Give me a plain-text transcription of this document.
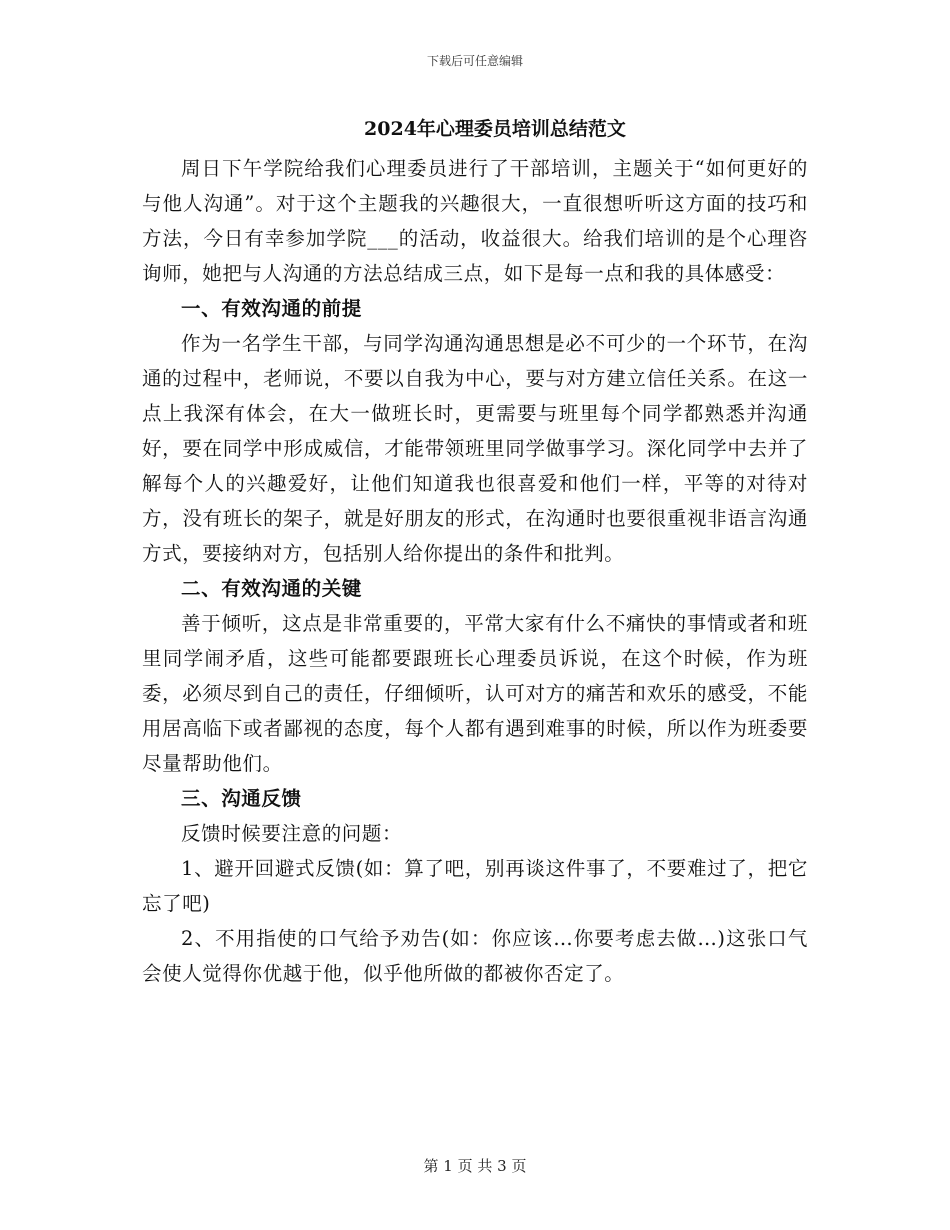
下载后可任意编辑
2024年心理委员培训总结范文

周日下午学院给我们心理委员进行了干部培训，主题关于“如何更好的与他人沟通”。对于这个主题我的兴趣很大，一直很想听听这方面的技巧和方法，今日有幸参加学院___的活动，收益很大。给我们培训的是个心理咨询师，她把与人沟通的方法总结成三点，如下是每一点和我的具体感受：

一、有效沟通的前提

作为一名学生干部，与同学沟通沟通思想是必不可少的一个环节，在沟通的过程中，老师说，不要以自我为中心，要与对方建立信任关系。在这一点上我深有体会，在大一做班长时，更需要与班里每个同学都熟悉并沟通好，要在同学中形成威信，才能带领班里同学做事学习。深化同学中去并了解每个人的兴趣爱好，让他们知道我也很喜爱和他们一样，平等的对待对方，没有班长的架子，就是好朋友的形式，在沟通时也要很重视非语言沟通方式，要接纳对方，包括别人给你提出的条件和批判。

二、有效沟通的关键

善于倾听，这点是非常重要的，平常大家有什么不痛快的事情或者和班里同学闹矛盾，这些可能都要跟班长心理委员诉说，在这个时候，作为班委，必须尽到自己的责任，仔细倾听，认可对方的痛苦和欢乐的感受，不能用居高临下或者鄙视的态度，每个人都有遇到难事的时候，所以作为班委要尽量帮助他们。

三、沟通反馈

反馈时候要注意的问题：

1、避开回避式反馈(如：算了吧，别再谈这件事了，不要难过了，把它忘了吧)

2、不用指使的口气给予劝告(如：你应该…你要考虑去做…)这张口气会使人觉得你优越于他，似乎他所做的都被你否定了。

第 1 页 共 3 页
